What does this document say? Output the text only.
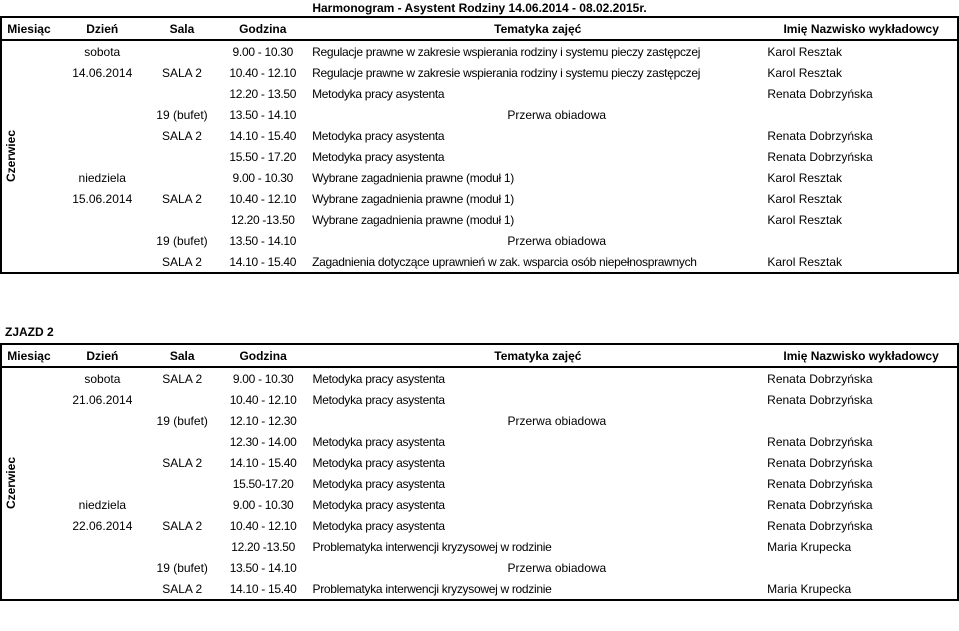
Harmonogram - Asystent Rodziny 14.06.2014 - 08.02.2015r.
Miesiąc	Dzień	Sala	Godzina	Tematyka zajęć	Imię Nazwisko wykładowcy

Czerwiec	sobota		9.00 - 10.30	Regulacje prawne w zakresie wspierania rodziny i systemu pieczy zastępczej	Karol Resztak
	14.06.2014	SALA 2	10.40 - 12.10	Regulacje prawne w zakresie wspierania rodziny i systemu pieczy zastępczej	Karol Resztak
			12.20 - 13.50	Metodyka pracy asystenta	Renata Dobrzyńska
		19 (bufet)	13.50 - 14.10	Przerwa obiadowa	
		SALA 2	14.10 - 15.40	Metodyka pracy asystenta	Renata Dobrzyńska
			15.50 - 17.20	Metodyka pracy asystenta	Renata Dobrzyńska
	niedziela		9.00 - 10.30	Wybrane zagadnienia prawne (moduł 1)	Karol Resztak
	15.06.2014	SALA 2	10.40 - 12.10	Wybrane zagadnienia prawne (moduł 1)	Karol Resztak
			12.20 -13.50	Wybrane zagadnienia prawne (moduł 1)	Karol Resztak
		19 (bufet)	13.50 - 14.10	Przerwa obiadowa	
		SALA 2	14.10 - 15.40	Zagadnienia dotyczące uprawnień w zak. wsparcia osób niepełnosprawnych	Karol Resztak
ZJAZD 2
Miesiąc	Dzień	Sala	Godzina	Tematyka zajęć	Imię Nazwisko wykładowcy

Czerwiec	sobota	SALA 2	9.00 - 10.30	Metodyka pracy asystenta	Renata Dobrzyńska
	21.06.2014		10.40 - 12.10	Metodyka pracy asystenta	Renata Dobrzyńska
		19 (bufet)	12.10 - 12.30	Przerwa obiadowa	
			12.30 - 14.00	Metodyka pracy asystenta	Renata Dobrzyńska
		SALA 2	14.10 - 15.40	Metodyka pracy asystenta	Renata Dobrzyńska
			15.50-17.20	Metodyka pracy asystenta	Renata Dobrzyńska
	niedziela		9.00 - 10.30	Metodyka pracy asystenta	Renata Dobrzyńska
	22.06.2014	SALA 2	10.40 - 12.10	Metodyka pracy asystenta	Renata Dobrzyńska
			12.20 -13.50	Problematyka interwencji kryzysowej w rodzinie	Maria Krupecka
		19 (bufet)	13.50 - 14.10	Przerwa obiadowa	
		SALA 2	14.10 - 15.40	Problematyka interwencji kryzysowej w rodzinie	Maria Krupecka
